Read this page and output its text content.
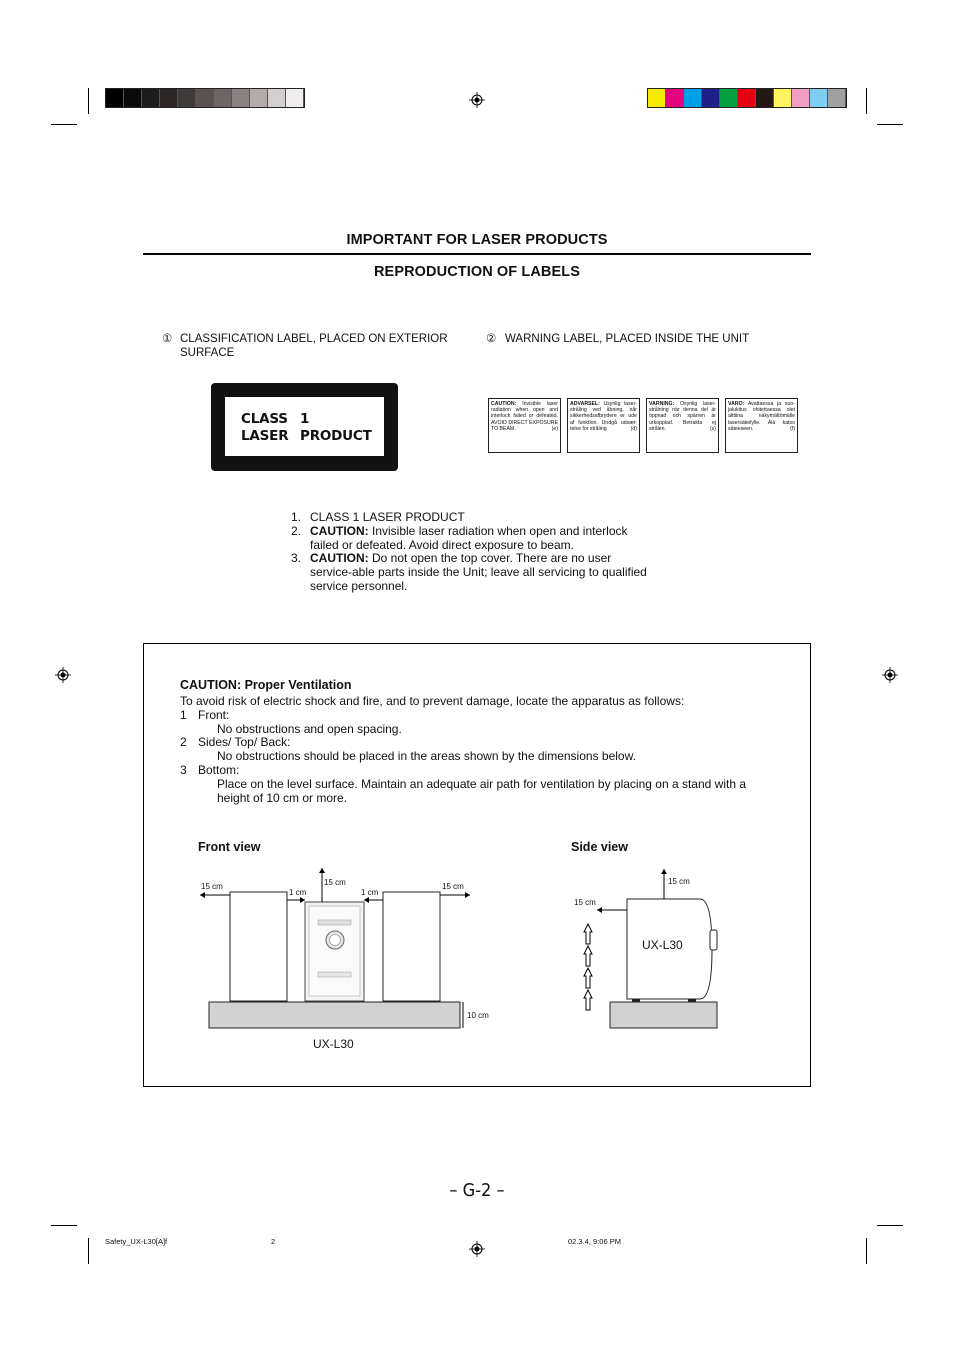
IMPORTANT FOR LASER PRODUCTS
REPRODUCTION OF LABELS
① CLASSIFICATION LABEL, PLACED ON EXTERIOR
SURFACE
② WARNING LABEL, PLACED INSIDE THE UNIT
CLASS 1
LASER PRODUCT
CAUTION: Invisible laser radiation when open and interlock failed or defeated. AVOID DIRECT EXPOSURE TO BEAM.	(e)
ADVARSEL: Usynlig laser-stråling ved åbning, når sikkerhedsafbrydere er ude af funktion. Undgå udsæt-telse for stråling	(d)
VARNING: Osynlig laser-strålning när denna del är öppnad och spärren är urkopplad. Betrakta ej strålen.	(s)
VARO: Avattaessa ja suo-jalukitus ohitettaessa olet alttiina näkymättömälle lasersäteilylle. Älä katso säteeseen.	(f)
1. CLASS 1 LASER PRODUCT
2. CAUTION: Invisible laser radiation when open and interlock failed or defeated. Avoid direct exposure to beam.
3. CAUTION: Do not open the top cover. There are no user service-able parts inside the Unit; leave all servicing to qualified service personnel.
CAUTION: Proper Ventilation
To avoid risk of electric shock and fire, and to prevent damage, locate the apparatus as follows:
1 Front:
No obstructions and open spacing.
2 Sides/ Top/ Back:
No obstructions should be placed in the areas shown by the dimensions below.
3 Bottom:
Place on the level surface. Maintain an adequate air path for ventilation by placing on a stand with a
height of 10 cm or more.
Front view
15 cm
1 cm
15 cm
1 cm
15 cm
10 cm
UX-L30
Side view
15 cm
15 cm
UX-L30
– G-2 –
Safety_UX-L30[A]f	2	02.3.4, 9:06 PM
